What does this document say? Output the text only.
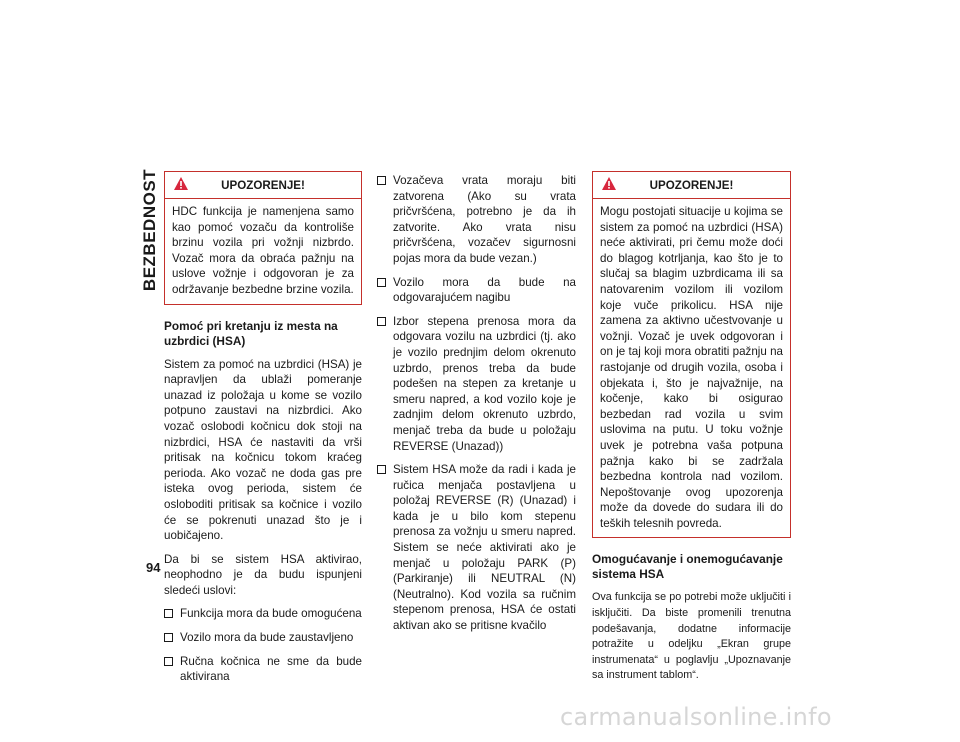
BEZBEDNOST
94
UPOZORENJE!
HDC funkcija je namenjena samo kao pomoć vozaču da kontroliše brzinu vozila pri vožnji nizbrdo. Vozač mora da obraća pažnju na uslove vožnje i odgovoran je za održavanje bezbedne brzine vozila.
Pomoć pri kretanju iz mesta na uzbrdici (HSA)

Sistem za pomoć na uzbrdici (HSA) je napravljen da ublaži pomeranje unazad iz položaja u kome se vozilo potpuno zaustavi na nizbrdici. Ako vozač oslobodi kočnicu dok stoji na nizbrdici, HSA će nastaviti da vrši pritisak na kočnicu tokom kraćeg perioda. Ako vozač ne doda gas pre isteka ovog perioda, sistem će osloboditi pritisak sa kočnice i vozilo će se pokrenuti unazad što je i uobičajeno.

Da bi se sistem HSA aktivirao, neophodno je da budu ispunjeni sledeći uslovi:

Funkcija mora da bude omogućena
Vozilo mora da bude zaustavljeno
Ručna kočnica ne sme da bude aktivirana
Vozačeva vrata moraju biti zatvorena (Ako su vrata pričvršćena, potrebno je da ih zatvorite. Ako vrata nisu pričvršćena, vozačev sigurnosni pojas mora da bude vezan.)
Vozilo mora da bude na odgovarajućem nagibu
Izbor stepena prenosa mora da odgovara vozilu na uzbrdici (tj. ako je vozilo prednjim delom okrenuto uzbrdo, prenos treba da bude podešen na stepen za kretanje u smeru napred, a kod vozilo koje je zadnjim delom okrenuto uzbrdo, menjač treba da bude u položaju REVERSE (Unazad))
Sistem HSA može da radi i kada je ručica menjača postavljena u položaj REVERSE (R) (Unazad) i kada je u bilo kom stepenu prenosa za vožnju u smeru napred. Sistem se neće aktivirati ako je menjač u položaju PARK (P) (Parkiranje) ili NEUTRAL (N) (Neutralno). Kod vozila sa ručnim stepenom prenosa, HSA će ostati aktivan ako se pritisne kvačilo
UPOZORENJE!
Mogu postojati situacije u kojima se sistem za pomoć na uzbrdici (HSA) neće aktivirati, pri čemu može doći do blagog kotrljanja, kao što je to slučaj sa blagim uzbrdicama ili sa natovarenim vozilom ili vozilom koje vuče prikolicu. HSA nije zamena za aktivno učestvovanje u vožnji. Vozač je uvek odgovoran i on je taj koji mora obratiti pažnju na rastojanje od drugih vozila, osoba i objekata i, što je najvažnije, na kočenje, kako bi osigurao bezbedan rad vozila u svim uslovima na putu. U toku vožnje uvek je potrebna vaša potpuna pažnja kako bi se zadržala bezbedna kontrola nad vozilom. Nepoštovanje ovog upozorenja može da dovede do sudara ili do teških telesnih povreda.
Omogućavanje i onemogućavanje sistema HSA

Ova funkcija se po potrebi može uključiti i isključiti. Da biste promenili trenutna podešavanja, dodatne informacije potražite u odeljku „Ekran grupe instrumenata“ u poglavlju „Upoznavanje sa instrument tablom“.

carmanualsonline.info
